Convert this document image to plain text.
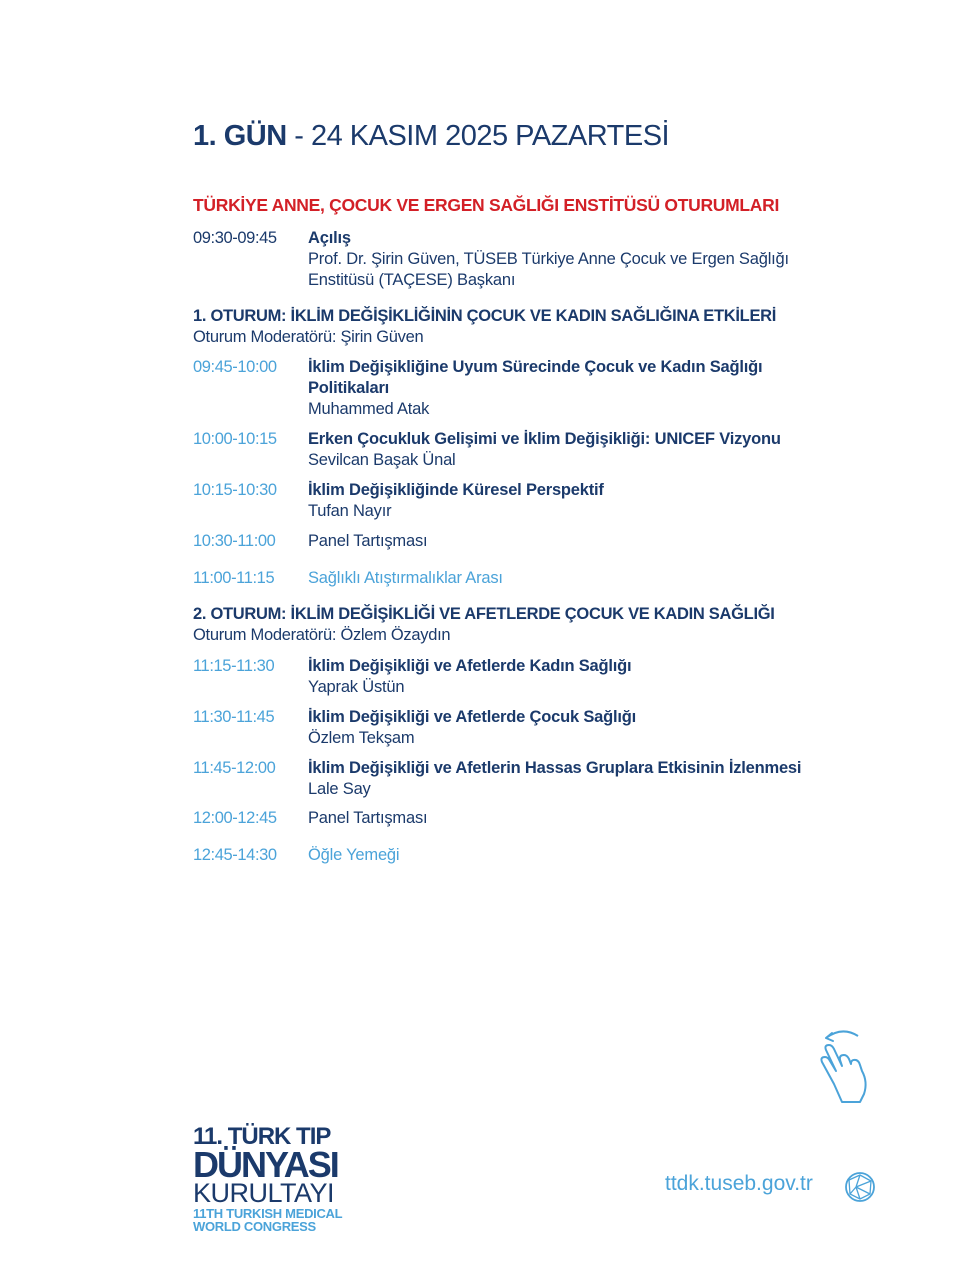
1. GÜN - 24 KASIM 2025 PAZARTESİ
TÜRKİYE ANNE, ÇOCUK VE ERGEN SAĞLIĞI ENSTİTÜSÜ OTURUMLARI
09:30-09:45	Açılış
Prof. Dr. Şirin Güven, TÜSEB Türkiye Anne Çocuk ve Ergen Sağlığı
Enstitüsü (TAÇESE) Başkanı
1. OTURUM: İKLİM DEĞİŞİKLİĞİNİN ÇOCUK VE KADIN SAĞLIĞINA ETKİLERİ
Oturum Moderatörü: Şirin Güven
09:45-10:00	İklim Değişikliğine Uyum Sürecinde Çocuk ve Kadın Sağlığı
Politikaları
Muhammed Atak
10:00-10:15	Erken Çocukluk Gelişimi ve İklim Değişikliği: UNICEF Vizyonu
Sevilcan Başak Ünal
10:15-10:30	İklim Değişikliğinde Küresel Perspektif
Tufan Nayır
10:30-11:00	Panel Tartışması
11:00-11:15	Sağlıklı Atıştırmalıklar Arası
2. OTURUM: İKLİM DEĞİŞİKLİĞİ VE AFETLERDE ÇOCUK VE KADIN SAĞLIĞI
Oturum Moderatörü: Özlem Özaydın
11:15-11:30	İklim Değişikliği ve Afetlerde Kadın Sağlığı
Yaprak Üstün
11:30-11:45	İklim Değişikliği ve Afetlerde Çocuk Sağlığı
Özlem Tekşam
11:45-12:00	İklim Değişikliği ve Afetlerin Hassas Gruplara Etkisinin İzlenmesi
Lale Say
12:00-12:45	Panel Tartışması
12:45-14:30	Öğle Yemeği
11. TÜRK TIP
DÜNYASI
KURULTAYI
11TH TURKISH MEDICAL
WORLD CONGRESS
ttdk.tuseb.gov.tr
